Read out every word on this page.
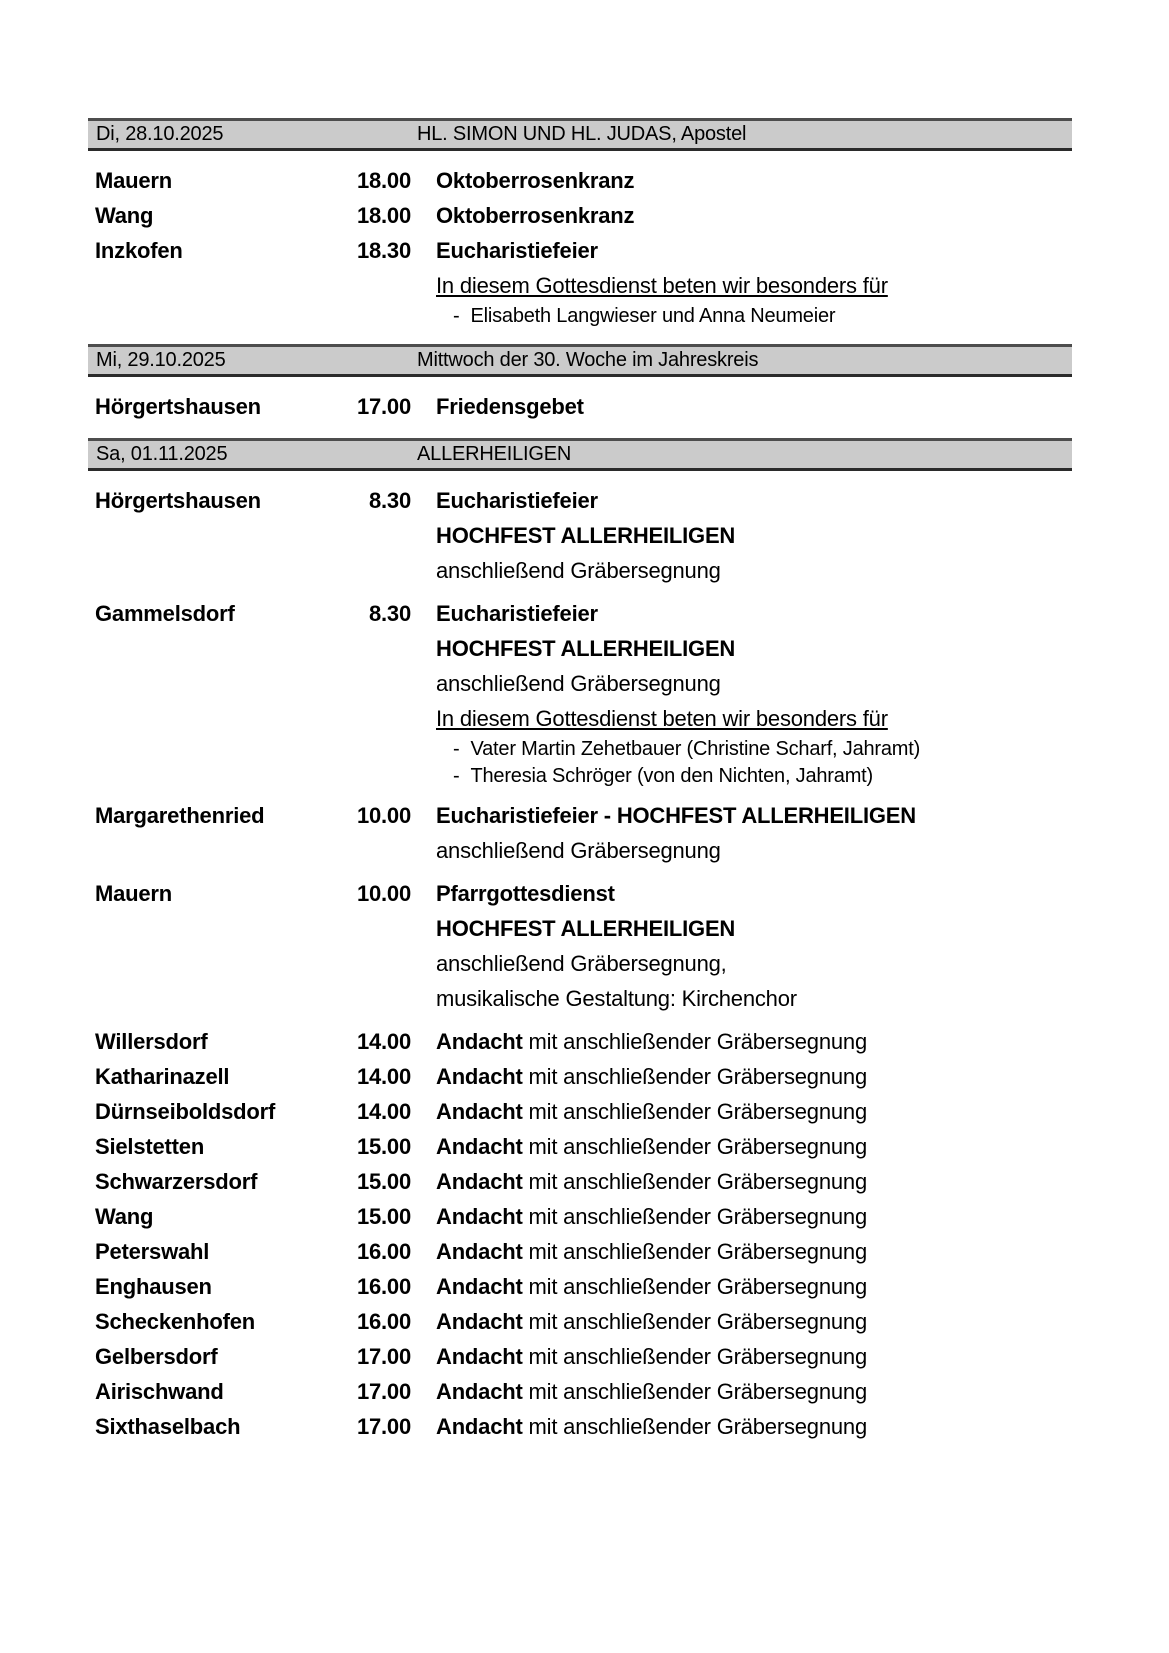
Di, 28.10.2025	HL. SIMON UND HL. JUDAS, Apostel
Mauern	18.00 Oktoberrosenkranz
Wang	18.00 Oktoberrosenkranz
Inzkofen	18.30 Eucharistiefeier
In diesem Gottesdienst beten wir besonders für
- Elisabeth Langwieser und Anna Neumeier
Mi, 29.10.2025	Mittwoch der 30. Woche im Jahreskreis
Hörgertshausen	17.00 Friedensgebet
Sa, 01.11.2025	ALLERHEILIGEN
Hörgertshausen	8.30 Eucharistiefeier
HOCHFEST ALLERHEILIGEN
anschließend Gräbersegnung
Gammelsdorf	8.30 Eucharistiefeier
HOCHFEST ALLERHEILIGEN
anschließend Gräbersegnung
In diesem Gottesdienst beten wir besonders für
- Vater Martin Zehetbauer (Christine Scharf, Jahramt)
- Theresia Schröger (von den Nichten, Jahramt)
Margarethenried	10.00 Eucharistiefeier - HOCHFEST ALLERHEILIGEN
anschließend Gräbersegnung
Mauern	10.00 Pfarrgottesdienst
HOCHFEST ALLERHEILIGEN
anschließend Gräbersegnung,
musikalische Gestaltung: Kirchenchor
Willersdorf	14.00 Andacht mit anschließender Gräbersegnung
Katharinazell	14.00 Andacht mit anschließender Gräbersegnung
Dürnseiboldsdorf	14.00 Andacht mit anschließender Gräbersegnung
Sielstetten	15.00 Andacht mit anschließender Gräbersegnung
Schwarzersdorf	15.00 Andacht mit anschließender Gräbersegnung
Wang	15.00 Andacht mit anschließender Gräbersegnung
Peterswahl	16.00 Andacht mit anschließender Gräbersegnung
Enghausen	16.00 Andacht mit anschließender Gräbersegnung
Scheckenhofen	16.00 Andacht mit anschließender Gräbersegnung
Gelbersdorf	17.00 Andacht mit anschließender Gräbersegnung
Airischwand	17.00 Andacht mit anschließender Gräbersegnung
Sixthaselbach	17.00 Andacht mit anschließender Gräbersegnung
